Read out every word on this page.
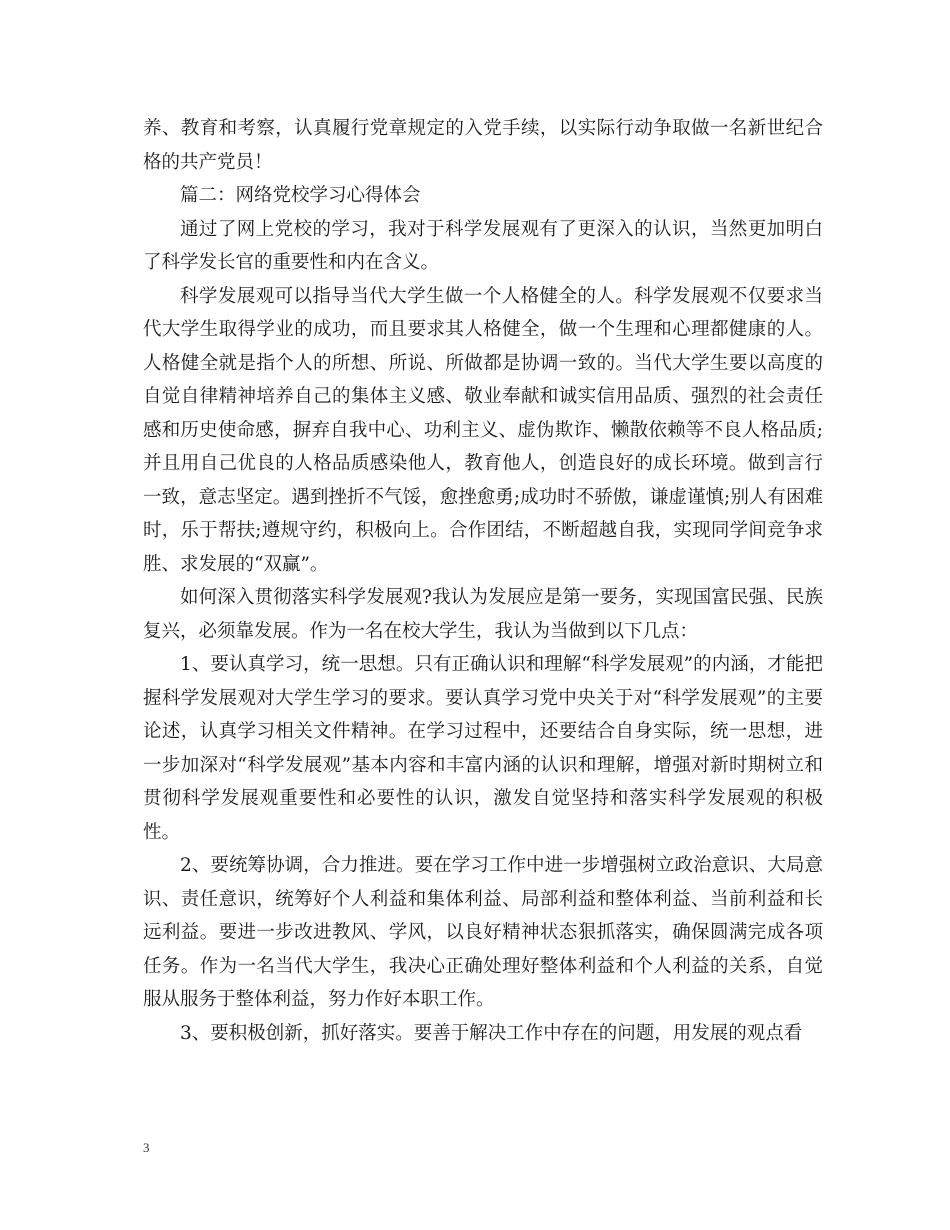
养、教育和考察，认真履行党章规定的入党手续，以实际行动争取做一名新世纪合格的共产党员！

篇二：网络党校学习心得体会

通过了网上党校的学习，我对于科学发展观有了更深入的认识，当然更加明白了科学发长官的重要性和内在含义。

科学发展观可以指导当代大学生做一个人格健全的人。科学发展观不仅要求当代大学生取得学业的成功，而且要求其人格健全，做一个生理和心理都健康的人。人格健全就是指个人的所想、所说、所做都是协调一致的。当代大学生要以高度的自觉自律精神培养自己的集体主义感、敬业奉献和诚实信用品质、强烈的社会责任感和历史使命感，摒弃自我中心、功利主义、虚伪欺诈、懒散依赖等不良人格品质;并且用自己优良的人格品质感染他人，教育他人，创造良好的成长环境。做到言行一致，意志坚定。遇到挫折不气馁，愈挫愈勇;成功时不骄傲，谦虚谨慎;别人有困难时，乐于帮扶;遵规守约，积极向上。合作团结，不断超越自我，实现同学间竞争求胜、求发展的“双赢”。

如何深入贯彻落实科学发展观?我认为发展应是第一要务，实现国富民强、民族复兴，必须靠发展。作为一名在校大学生，我认为当做到以下几点：

1、要认真学习，统一思想。只有正确认识和理解“科学发展观”的内涵，才能把握科学发展观对大学生学习的要求。要认真学习党中央关于对“科学发展观”的主要论述，认真学习相关文件精神。在学习过程中，还要结合自身实际，统一思想，进一步加深对“科学发展观”基本内容和丰富内涵的认识和理解，增强对新时期树立和贯彻科学发展观重要性和必要性的认识，激发自觉坚持和落实科学发展观的积极性。

2、要统筹协调，合力推进。要在学习工作中进一步增强树立政治意识、大局意识、责任意识，统筹好个人利益和集体利益、局部利益和整体利益、当前利益和长远利益。要进一步改进教风、学风，以良好精神状态狠抓落实，确保圆满完成各项任务。作为一名当代大学生，我决心正确处理好整体利益和个人利益的关系，自觉服从服务于整体利益，努力作好本职工作。

3、要积极创新，抓好落实。要善于解决工作中存在的问题，用发展的观点看

3
